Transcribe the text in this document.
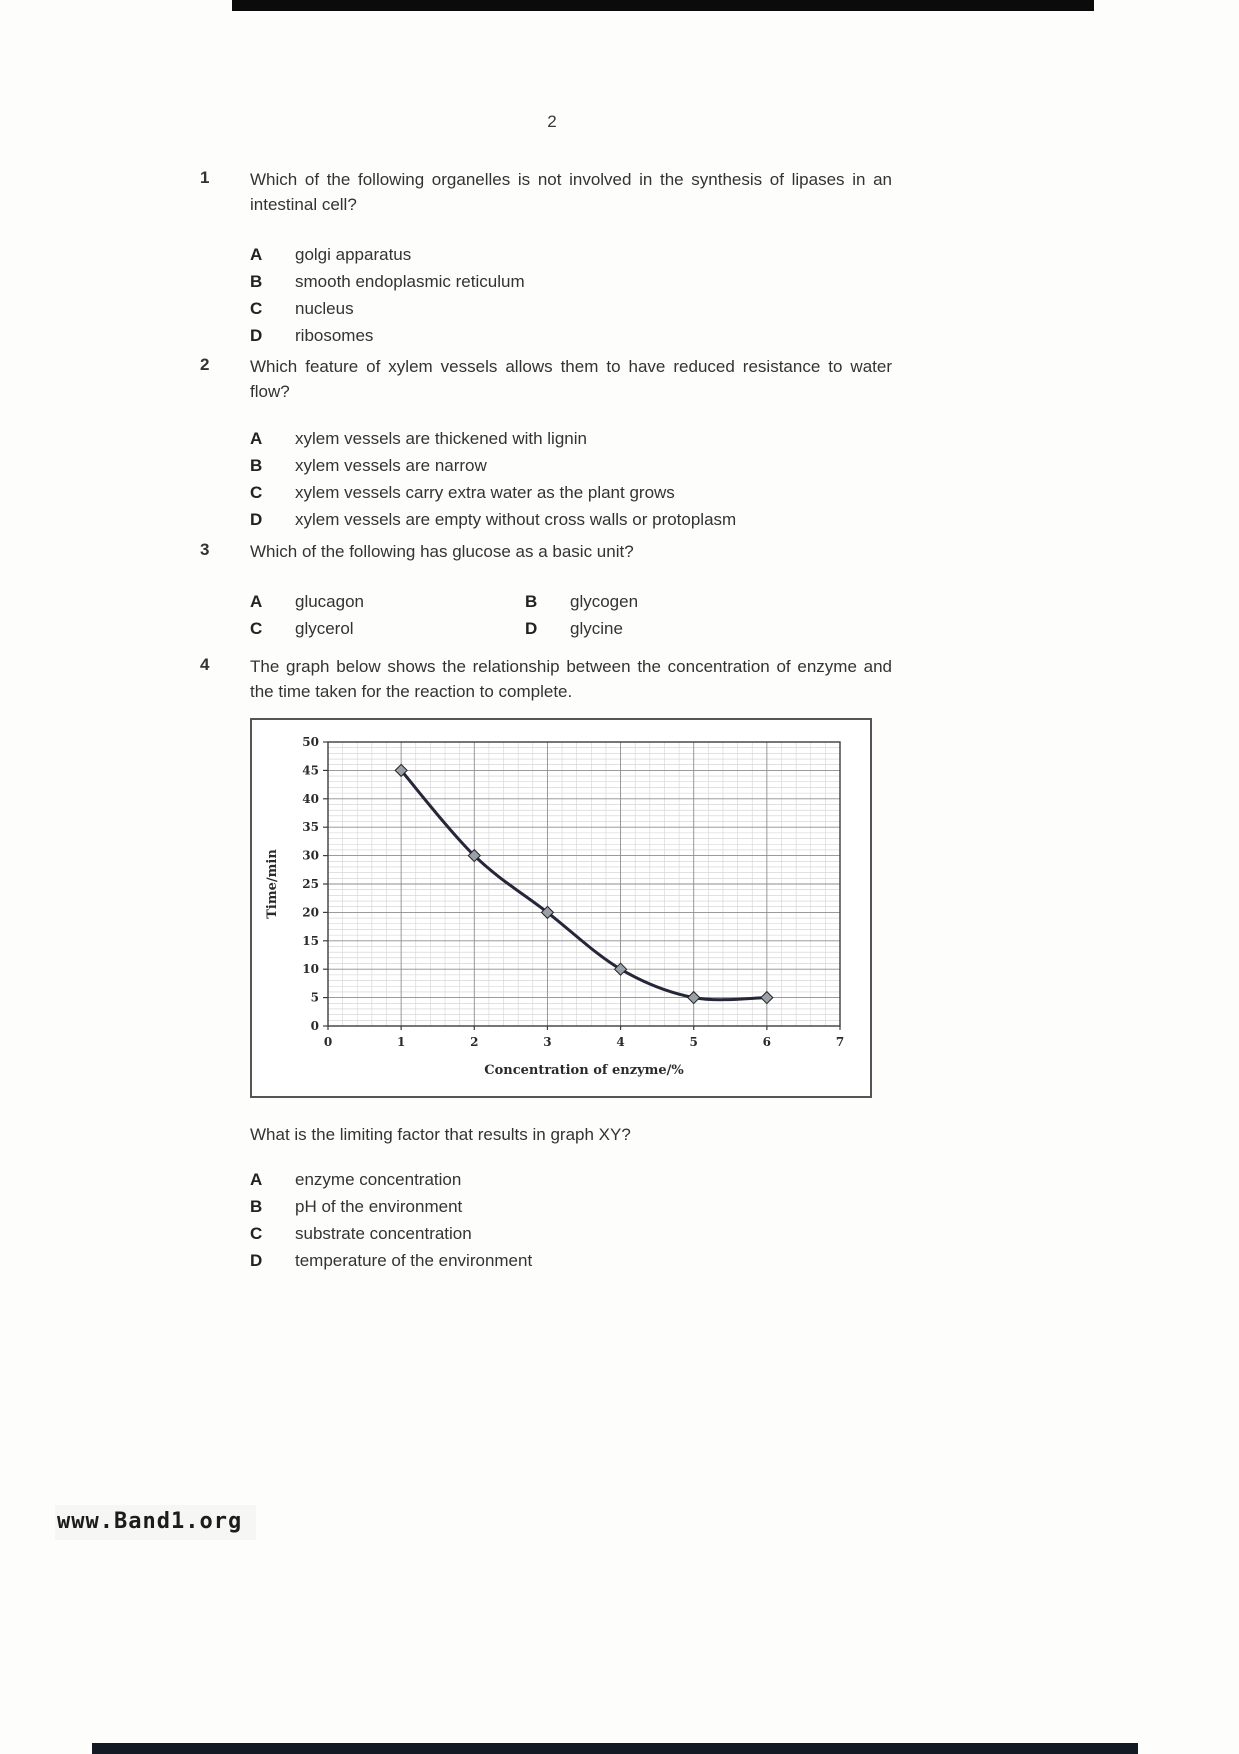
2
1	Which of the following organelles is not involved in the synthesis of lipases in an intestinal cell?
A	golgi apparatus
B	smooth endoplasmic reticulum
C	nucleus
D	ribosomes
2	Which feature of xylem vessels allows them to have reduced resistance to water flow?
A	xylem vessels are thickened with lignin
B	xylem vessels are narrow
C	xylem vessels carry extra water as the plant grows
D	xylem vessels are empty without cross walls or protoplasm
3	Which of the following has glucose as a basic unit?
A	glucagon	B	glycogen
C	glycerol	D	glycine
4	The graph below shows the relationship between the concentration of enzyme and the time taken for the reaction to complete.
0
5
10
15
20
25
30
35
40
45
50
0	1	2	3	4	5	6	7
Concentration of enzyme/%
Time/min
What is the limiting factor that results in graph XY?
A	enzyme concentration
B	pH of the environment
C	substrate concentration
D	temperature of the environment
www.Band1.org
